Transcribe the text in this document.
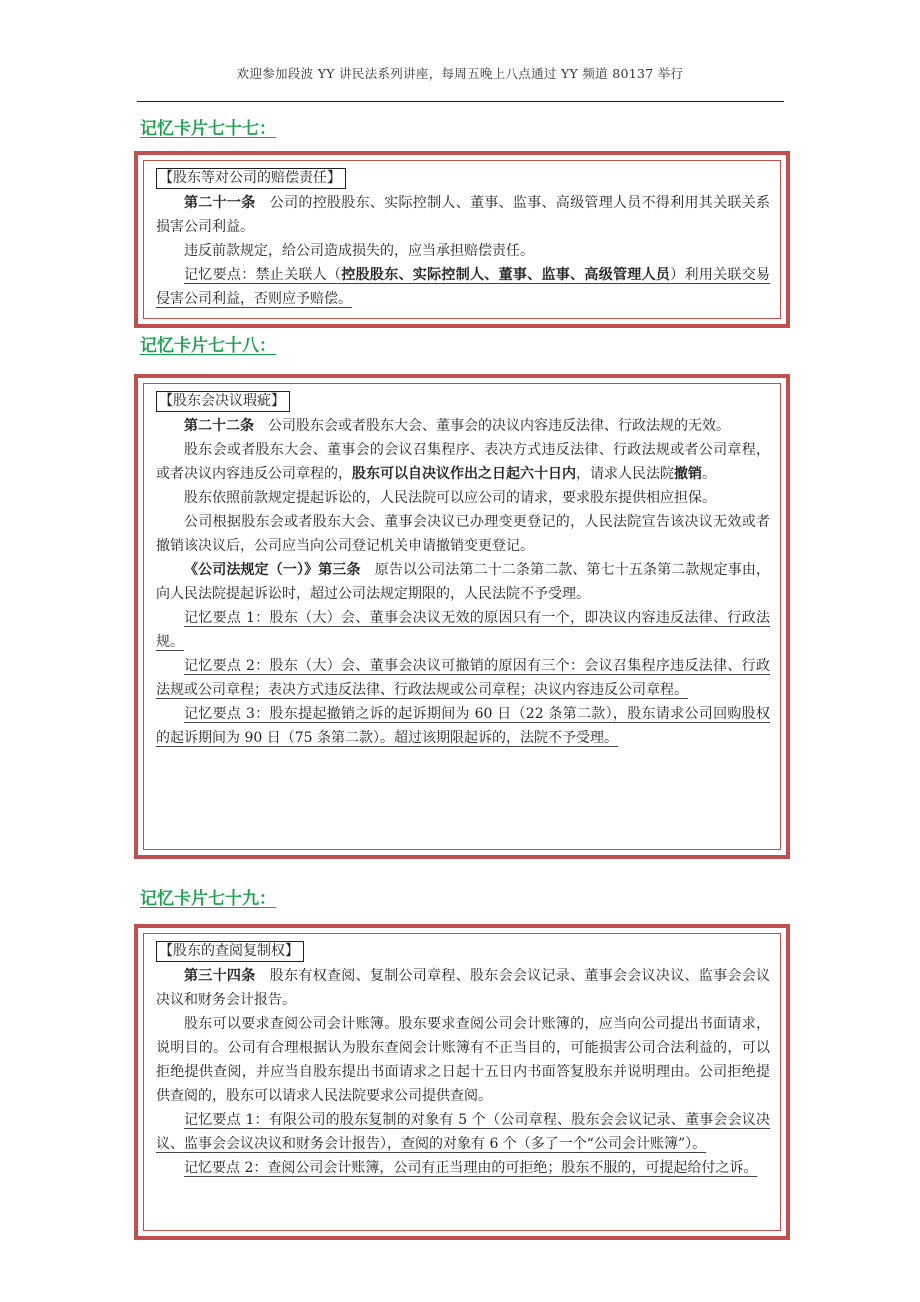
欢迎参加段波 YY 讲民法系列讲座，每周五晚上八点通过 YY 频道 80137 举行
记忆卡片七十七：
【股东等对公司的赔偿责任】

第二十一条　公司的控股股东、实际控制人、董事、监事、高级管理人员不得利用其关联关系损害公司利益。

违反前款规定，给公司造成损失的，应当承担赔偿责任。

记忆要点：禁止关联人（控股股东、实际控制人、董事、监事、高级管理人员）利用关联交易侵害公司利益，否则应予赔偿。

记忆卡片七十八：
【股东会决议瑕疵】

第二十二条　公司股东会或者股东大会、董事会的决议内容违反法律、行政法规的无效。

股东会或者股东大会、董事会的会议召集程序、表决方式违反法律、行政法规或者公司章程，或者决议内容违反公司章程的，股东可以自决议作出之日起六十日内，请求人民法院撤销。

股东依照前款规定提起诉讼的，人民法院可以应公司的请求，要求股东提供相应担保。

公司根据股东会或者股东大会、董事会决议已办理变更登记的，人民法院宣告该决议无效或者撤销该决议后，公司应当向公司登记机关申请撤销变更登记。

《公司法规定（一）》第三条　原告以公司法第二十二条第二款、第七十五条第二款规定事由，向人民法院提起诉讼时，超过公司法规定期限的，人民法院不予受理。

记忆要点 1：股东（大）会、董事会决议无效的原因只有一个，即决议内容违反法律、行政法规。

记忆要点 2：股东（大）会、董事会决议可撤销的原因有三个：会议召集程序违反法律、行政法规或公司章程；表决方式违反法律、行政法规或公司章程；决议内容违反公司章程。

记忆要点 3：股东提起撤销之诉的起诉期间为 60 日（22 条第二款），股东请求公司回购股权的起诉期间为 90 日（75 条第二款）。超过该期限起诉的，法院不予受理。

记忆卡片七十九：
【股东的查阅复制权】

第三十四条　股东有权查阅、复制公司章程、股东会会议记录、董事会会议决议、监事会会议决议和财务会计报告。

股东可以要求查阅公司会计账簿。股东要求查阅公司会计账簿的，应当向公司提出书面请求，说明目的。公司有合理根据认为股东查阅会计账簿有不正当目的，可能损害公司合法利益的，可以拒绝提供查阅，并应当自股东提出书面请求之日起十五日内书面答复股东并说明理由。公司拒绝提供查阅的，股东可以请求人民法院要求公司提供查阅。

记忆要点 1：有限公司的股东复制的对象有 5 个（公司章程、股东会会议记录、董事会会议决议、监事会会议决议和财务会计报告），查阅的对象有 6 个（多了一个“公司会计账簿”）。

记忆要点 2：查阅公司会计账簿，公司有正当理由的可拒绝；股东不服的，可提起给付之诉。
